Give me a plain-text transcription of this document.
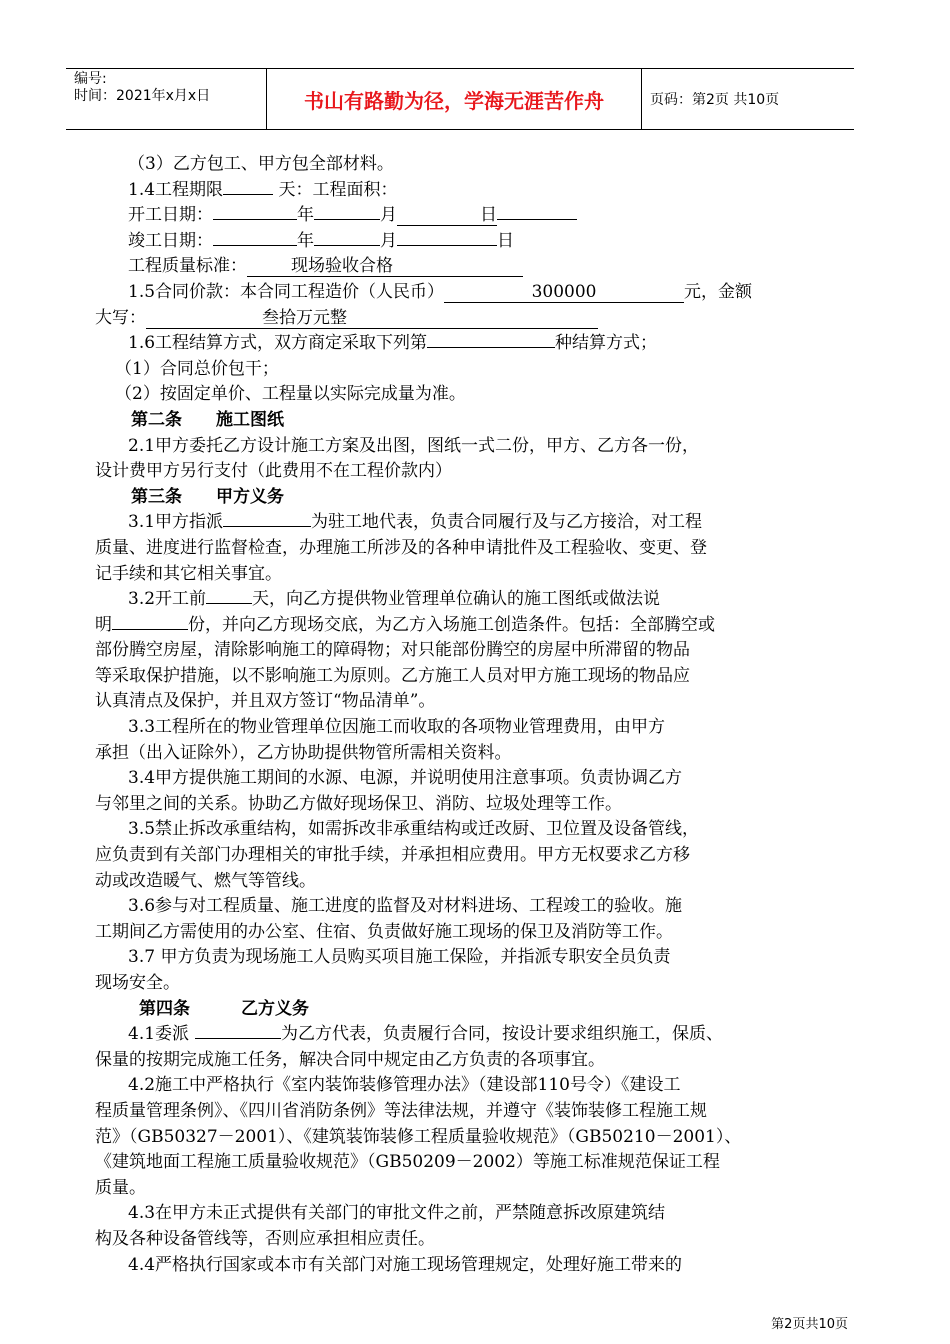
编号:
时间：2021年x月x日	书山有路勤为径，学海无涯苦作舟	页码：第2页 共10页
（3）乙方包工、甲方包全部材料。
1.4工程期限	天：工程面积：
开工日期：	年	月	日
竣工日期：	年	月	日
工程质量标准：	现场验收合格
1.5合同价款：本合同工程造价（人民币）	300000	元，金额
大写：	叁拾万元整
1.6工程结算方式，双方商定采取下列第	种结算方式；
（1）合同总价包干；
（2）按固定单价、工程量以实际完成量为准。
第二条　　施工图纸
2.1甲方委托乙方设计施工方案及出图，图纸一式二份，甲方、乙方各一份，
设计费甲方另行支付（此费用不在工程价款内）
第三条　　甲方义务
3.1甲方指派	为驻工地代表，负责合同履行及与乙方接洽，对工程
质量、进度进行监督检查，办理施工所涉及的各种申请批件及工程验收、变更、登
记手续和其它相关事宜。
3.2开工前	天，向乙方提供物业管理单位确认的施工图纸或做法说
明	份，并向乙方现场交底，为乙方入场施工创造条件。包括：全部腾空或
部份腾空房屋，清除影响施工的障碍物；对只能部份腾空的房屋中所滞留的物品
等采取保护措施，以不影响施工为原则。乙方施工人员对甲方施工现场的物品应
认真清点及保护，并且双方签订“物品清单”。
3.3工程所在的物业管理单位因施工而收取的各项物业管理费用，由甲方
承担（出入证除外），乙方协助提供物管所需相关资料。
3.4甲方提供施工期间的水源、电源，并说明使用注意事项。负责协调乙方
与邻里之间的关系。协助乙方做好现场保卫、消防、垃圾处理等工作。
3.5禁止拆改承重结构，如需拆改非承重结构或迁改厨、卫位置及设备管线，
应负责到有关部门办理相关的审批手续，并承担相应费用。甲方无权要求乙方移
动或改造暖气、燃气等管线。
3.6参与对工程质量、施工进度的监督及对材料进场、工程竣工的验收。施
工期间乙方需使用的办公室、住宿、负责做好施工现场的保卫及消防等工作。
3.7 甲方负责为现场施工人员购买项目施工保险，并指派专职安全员负责
现场安全。
第四条　　　乙方义务
4.1委派	为乙方代表，负责履行合同，按设计要求组织施工，保质、
保量的按期完成施工任务，解决合同中规定由乙方负责的各项事宜。
4.2施工中严格执行《室内装饰装修管理办法》（建设部110号令）《建设工
程质量管理条例》、《四川省消防条例》等法律法规，并遵守《装饰装修工程施工规
范》（GB50327－2001）、《建筑装饰装修工程质量验收规范》（GB50210－2001）、
《建筑地面工程施工质量验收规范》（GB50209－2002）等施工标准规范保证工程
质量。
4.3在甲方未正式提供有关部门的审批文件之前，严禁随意拆改原建筑结
构及各种设备管线等，否则应承担相应责任。
4.4严格执行国家或本市有关部门对施工现场管理规定，处理好施工带来的
第2页共10页
